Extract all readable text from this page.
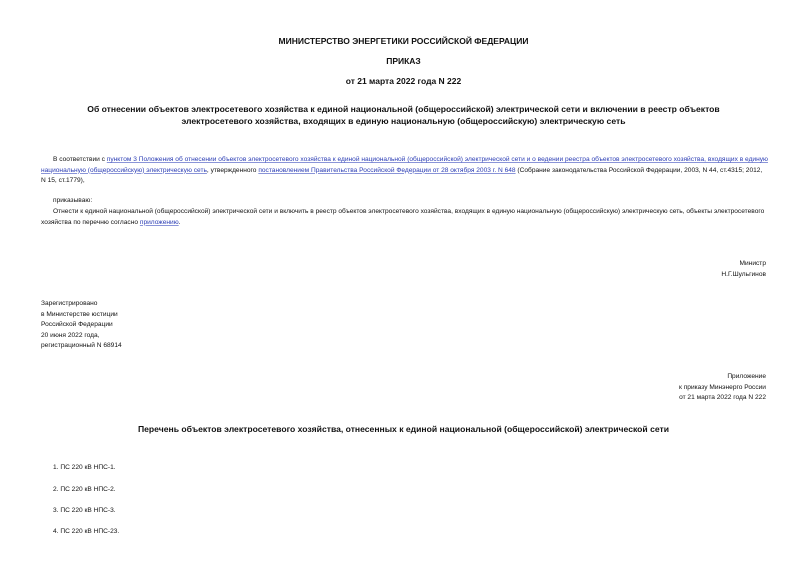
МИНИСТЕРСТВО ЭНЕРГЕТИКИ РОССИЙСКОЙ ФЕДЕРАЦИИ
ПРИКАЗ
от 21 марта 2022 года N 222
Об отнесении объектов электросетевого хозяйства к единой национальной (общероссийской) электрической сети и включении в реестр объектов
электросетевого хозяйства, входящих в единую национальную (общероссийскую) электрическую сеть
В соответствии с пунктом 3 Положения об отнесении объектов электросетевого хозяйства к единой национальной (общероссийской) электрической сети и о ведении реестра объектов электросетевого хозяйства, входящих в единую национальную (общероссийскую) электрическую сеть, утвержденного постановлением Правительства Российской Федерации от 28 октября 2003 г. N 648 (Собрание законодательства Российской Федерации, 2003, N 44, ст.4315; 2012, N 15, ст.1779),
приказываю:
Отнести к единой национальной (общероссийской) электрической сети и включить в реестр объектов электросетевого хозяйства, входящих в единую национальную (общероссийскую) электрическую сеть, объекты электросетевого хозяйства по перечню согласно приложению.
Министр
Н.Г.Шульгинов
Зарегистрировано
в Министерстве юстиции
Российской Федерации
20 июня 2022 года,
регистрационный N 68914
Приложение
к приказу Минэнерго России
от 21 марта 2022 года N 222
Перечень объектов электросетевого хозяйства, отнесенных к единой национальной (общероссийской) электрической сети
1. ПС 220 кВ НПС-1.
2. ПС 220 кВ НПС-2.
3. ПС 220 кВ НПС-3.
4. ПС 220 кВ НПС-23.
